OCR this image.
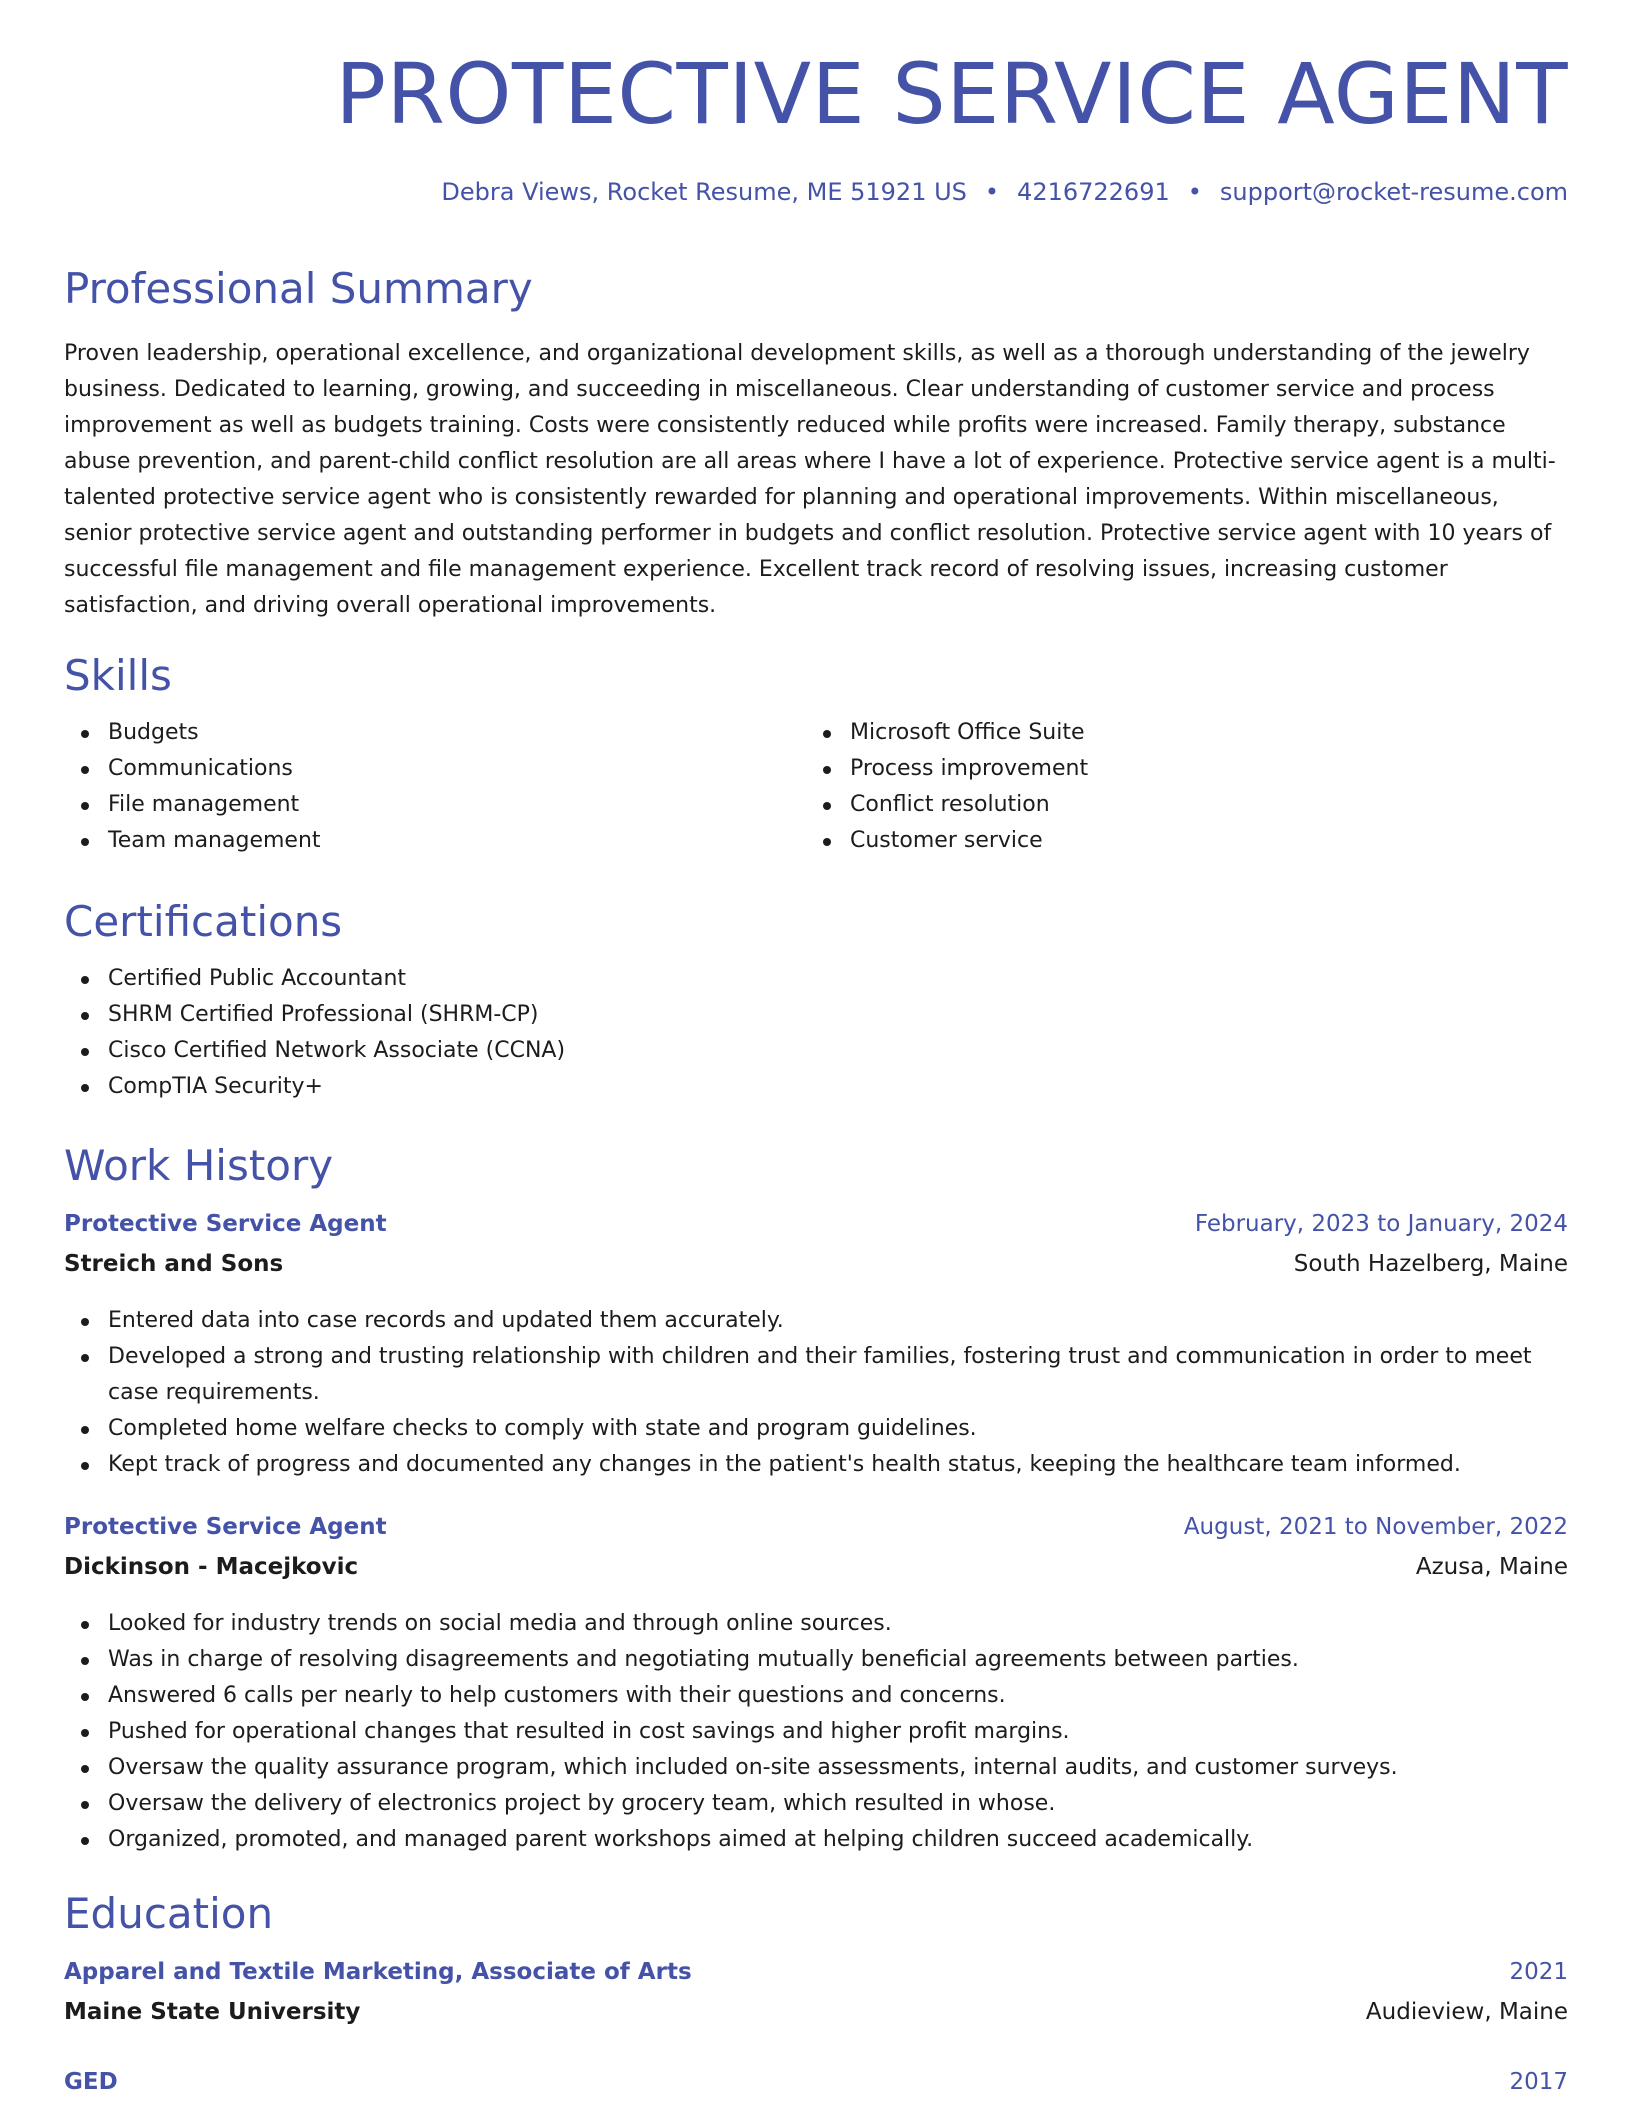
PROTECTIVE SERVICE AGENT
Debra Views, Rocket Resume, ME 51921 US • 4216722691 • support@rocket-resume.com
Professional Summary

Proven leadership, operational excellence, and organizational development skills, as well as a thorough understanding of the jewelry business. Dedicated to learning, growing, and succeeding in miscellaneous. Clear understanding of customer service and process improvement as well as budgets training. Costs were consistently reduced while profits were increased. Family therapy, substance abuse prevention, and parent-child conflict resolution are all areas where I have a lot of experience. Protective service agent is a multi-talented protective service agent who is consistently rewarded for planning and operational improvements. Within miscellaneous, senior protective service agent and outstanding performer in budgets and conflict resolution. Protective service agent with 10 years of successful file management and file management experience. Excellent track record of resolving issues, increasing customer satisfaction, and driving overall operational improvements.

Skills
Budgets
Communications
File management
Team management
Microsoft Office Suite
Process improvement
Conflict resolution
Customer service
Certifications
Certified Public Accountant
SHRM Certified Professional (SHRM-CP)
Cisco Certified Network Associate (CCNA)
CompTIA Security+
Work History
Protective Service Agent	February, 2023 to January, 2024
Streich and Sons	South Hazelberg, Maine
Entered data into case records and updated them accurately.
Developed a strong and trusting relationship with children and their families, fostering trust and communication in order to meet case requirements.
Completed home welfare checks to comply with state and program guidelines.
Kept track of progress and documented any changes in the patient's health status, keeping the healthcare team informed.
Protective Service Agent	August, 2021 to November, 2022
Dickinson - Macejkovic	Azusa, Maine
Looked for industry trends on social media and through online sources.
Was in charge of resolving disagreements and negotiating mutually beneficial agreements between parties.
Answered 6 calls per nearly to help customers with their questions and concerns.
Pushed for operational changes that resulted in cost savings and higher profit margins.
Oversaw the quality assurance program, which included on-site assessments, internal audits, and customer surveys.
Oversaw the delivery of electronics project by grocery team, which resulted in whose.
Organized, promoted, and managed parent workshops aimed at helping children succeed academically.
Education
Apparel and Textile Marketing, Associate of Arts	2021
Maine State University	Audieview, Maine
GED	2017
